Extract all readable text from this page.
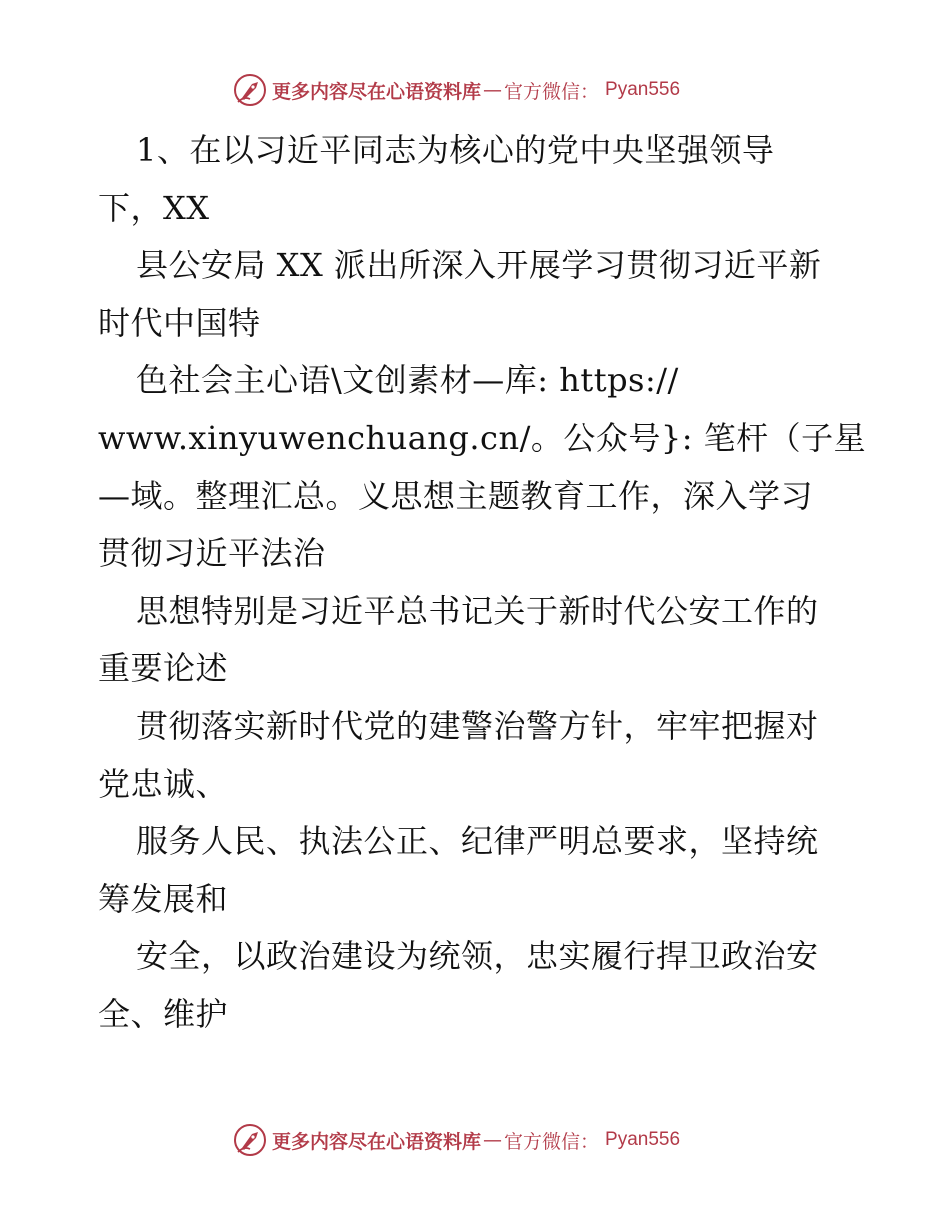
更多内容尽在心语资料库 — 官方微信： Pyan556
1、在以习近平同志为核心的党中央坚强领导
下，XX
县公安局 XX 派出所深入开展学习贯彻习近平新
时代中国特
色社会主心语\文创素材—库: https://
www.xinyuwenchuang.cn/。公众号}: 笔杆（子星
—域。整理汇总。义思想主题教育工作，深入学习
贯彻习近平法治
思想特别是习近平总书记关于新时代公安工作的
重要论述
贯彻落实新时代党的建警治警方针，牢牢把握对
党忠诚、
服务人民、执法公正、纪律严明总要求，坚持统
筹发展和
安全，以政治建设为统领，忠实履行捍卫政治安
全、维护
更多内容尽在心语资料库 — 官方微信： Pyan556
